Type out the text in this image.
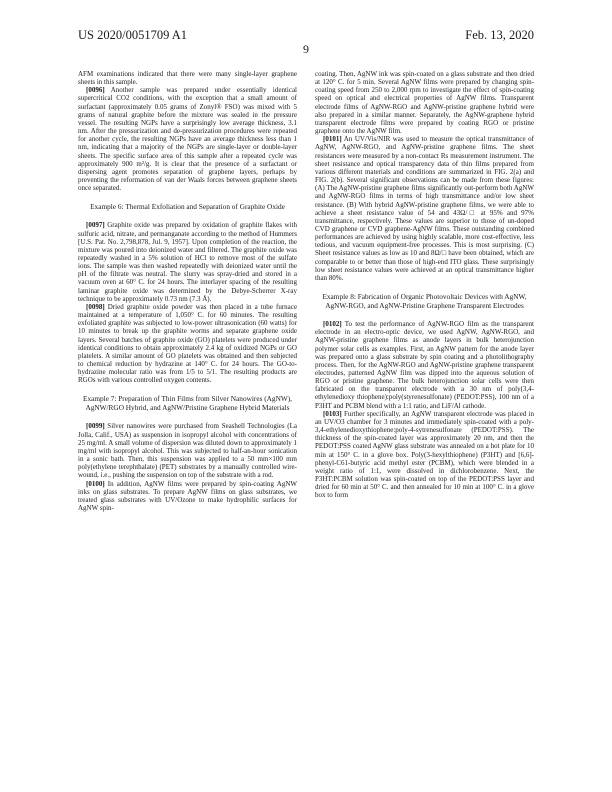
US 2020/0051709 A1	Feb. 13, 2020
9

AFM examinations indicated that there were many single-layer graphene sheets in this sample.

[0096] Another sample was prepared under essentially identical supercritical CO2 conditions, with the exception that a small amount of surfactant (approximately 0.05 grams of Zonyl® FSO) was mixed with 5 grams of natural graphite before the mixture was sealed in the pressure vessel. The resulting NGPs have a surprisingly low average thickness, 3.1 nm. After the pressurization and de-pressurization procedures were repeated for another cycle, the resulting NGPs have an average thickness less than 1 nm, indicating that a majority of the NGPs are single-layer or double-layer sheets. The specific surface area of this sample after a repeated cycle was approximately 900 m²/g. It is clear that the presence of a surfactant or dispersing agent promotes separation of graphene layers, perhaps by preventing the reformation of van der Waals forces between graphene sheets once separated.

Example 6: Thermal Exfoliation and Separation of Graphite Oxide

[0097] Graphite oxide was prepared by oxidation of graphite flakes with sulfuric acid, nitrate, and permanganate according to the method of Hummers [U.S. Pat. No. 2,798,878, Jul. 9, 1957]. Upon completion of the reaction, the mixture was poured into deionized water and filtered. The graphite oxide was repeatedly washed in a 5% solution of HCl to remove most of the sulfate ions. The sample was then washed repeatedly with deionized water until the pH of the filtrate was neutral. The slurry was spray-dried and stored in a vacuum oven at 60° C. for 24 hours. The interlayer spacing of the resulting laminar graphite oxide was determined by the Debye-Scherrer X-ray technique to be approximately 0.73 nm (7.3 Å).

[0098] Dried graphite oxide powder was then placed in a tube furnace maintained at a temperature of 1,050° C. for 60 minutes. The resulting exfoliated graphite was subjected to low-power ultrasonication (60 watts) for 10 minutes to break up the graphite worms and separate graphene oxide layers. Several batches of graphite oxide (GO) platelets were produced under identical conditions to obtain approximately 2.4 kg of oxidized NGPs or GO platelets. A similar amount of GO platelets was obtained and then subjected to chemical reduction by hydrazine at 140° C. for 24 hours. The GO-to-hydrazine molecular ratio was from 1/5 to 5/1. The resulting products are RGOs with various controlled oxygen contents.

Example 7: Preparation of Thin Films from Silver Nanowires (AgNW), AgNW/RGO Hybrid, and AgNW/Pristine Graphene Hybrid Materials

[0099] Silver nanowires were purchased from Seashell Technologies (La Jolla, Calif., USA) as suspension in isopropyl alcohol with concentrations of 25 mg/ml. A small volume of dispersion was diluted down to approximately 1 mg/ml with isopropyl alcohol. This was subjected to half-an-hour sonication in a sonic bath. Then, this suspension was applied to a 50 mm×100 mm poly(ethylene terephthalate) (PET) substrates by a manually controlled wire-wound, i.e., pushing the suspension on top of the substrate with a rod.

[0100] In addition, AgNW films were prepared by spin-coating AgNW inks on glass substrates. To prepare AgNW films on glass substrates, we treated glass substrates with UV/Ozone to make hydrophilic surfaces for AgNW spin-

coating. Then, AgNW ink was spin-coated on a glass substrate and then dried at 120° C. for 5 min. Several AgNW films were prepared by changing spin-coating speed from 250 to 2,000 rpm to investigate the effect of spin-coating speed on optical and electrical properties of AgNW films. Transparent electrode films of AgNW-RGO and AgNW-pristine graphene hybrid were also prepared in a similar manner. Separately, the AgNW-graphene hybrid transparent electrode films were prepared by coating RGO or pristine graphene onto the AgNW film.

[0101] An UV/Vis/NIR was used to measure the optical transmittance of AgNW, AgNW-RGO, and AgNW-pristine graphene films. The sheet resistances were measured by a non-contact Rs measurement instrument. The sheet resistance and optical transparency data of thin films prepared from various different materials and conditions are summarized in FIG. 2(a) and FIG. 2(b). Several significant observations can be made from these figures: (A) The AgNW-pristine graphene films significantly out-perform both AgNW and AgNW-RGO films in terms of high transmittance and/or low sheet resistance. (B) With hybrid AgNW-pristine graphene films, we were able to achieve a sheet resistance value of 54 and 43Ω/□ at 95% and 97% transmittance, respectively. These values are superior to those of un-doped CVD graphene or CVD graphene-AgNW films. These outstanding combined performances are achieved by using highly scalable, more cost-effective, less tedious, and vacuum equipment-free processes. This is most surprising. (C) Sheet resistance values as low as 10 and 8Ω/□ have been obtained, which are comparable to or better than those of high-end ITO glass. These surprisingly low sheet resistance values were achieved at an optical transmittance higher than 80%.

Example 8: Fabrication of Organic Photovoltaic Devices with AgNW, AgNW-RGO, and AgNW-Pristine Graphene Transparent Electrodes

[0102] To test the performance of AgNW-RGO film as the transparent electrode in an electro-optic device, we used AgNW, AgNW-RGO, and AgNW-pristine graphene films as anode layers in bulk heterojunction polymer solar cells as examples. First, an AgNW pattern for the anode layer was prepared onto a glass substrate by spin coating and a photolithography process. Then, for the AgNW-RGO and AgNW-pristine graphene transparent electrodes, patterned AgNW film was dipped into the aqueous solution of RGO or pristine graphene. The bulk heterojunction solar cells were then fabricated on the transparent electrode with a 30 nm of poly(3,4-ethylenedioxy thiophene):poly(styrenesulfonate) (PEDOT:PSS), 100 nm of a P3HT and PCBM blend with a 1:1 ratio, and LiF/Al cathode.

[0103] Further specifically, an AgNW transparent electrode was placed in an UV/O3 chamber for 3 minutes and immediately spin-coated with a poly-3,4-ethylenedioxythiophene:poly-4-sytrenesulfonate (PEDOT:PSS). The thickness of the spin-coated layer was approximately 20 nm, and then the PEDOT:PSS coated AgNW glass substrate was annealed on a hot plate for 10 min at 150° C. in a glove box. Poly(3-hexylthiophene) (P3HT) and [6,6]-phenyl-C61-butyric acid methyl ester (PCBM), which were blended in a weight ratio of 1:1, were dissolved in dichlorobenzene. Next, the P3HT:PCBM solution was spin-coated on top of the PEDOT:PSS layer and dried for 60 min at 50° C. and then annealed for 10 min at 100° C. in a glove box to form
